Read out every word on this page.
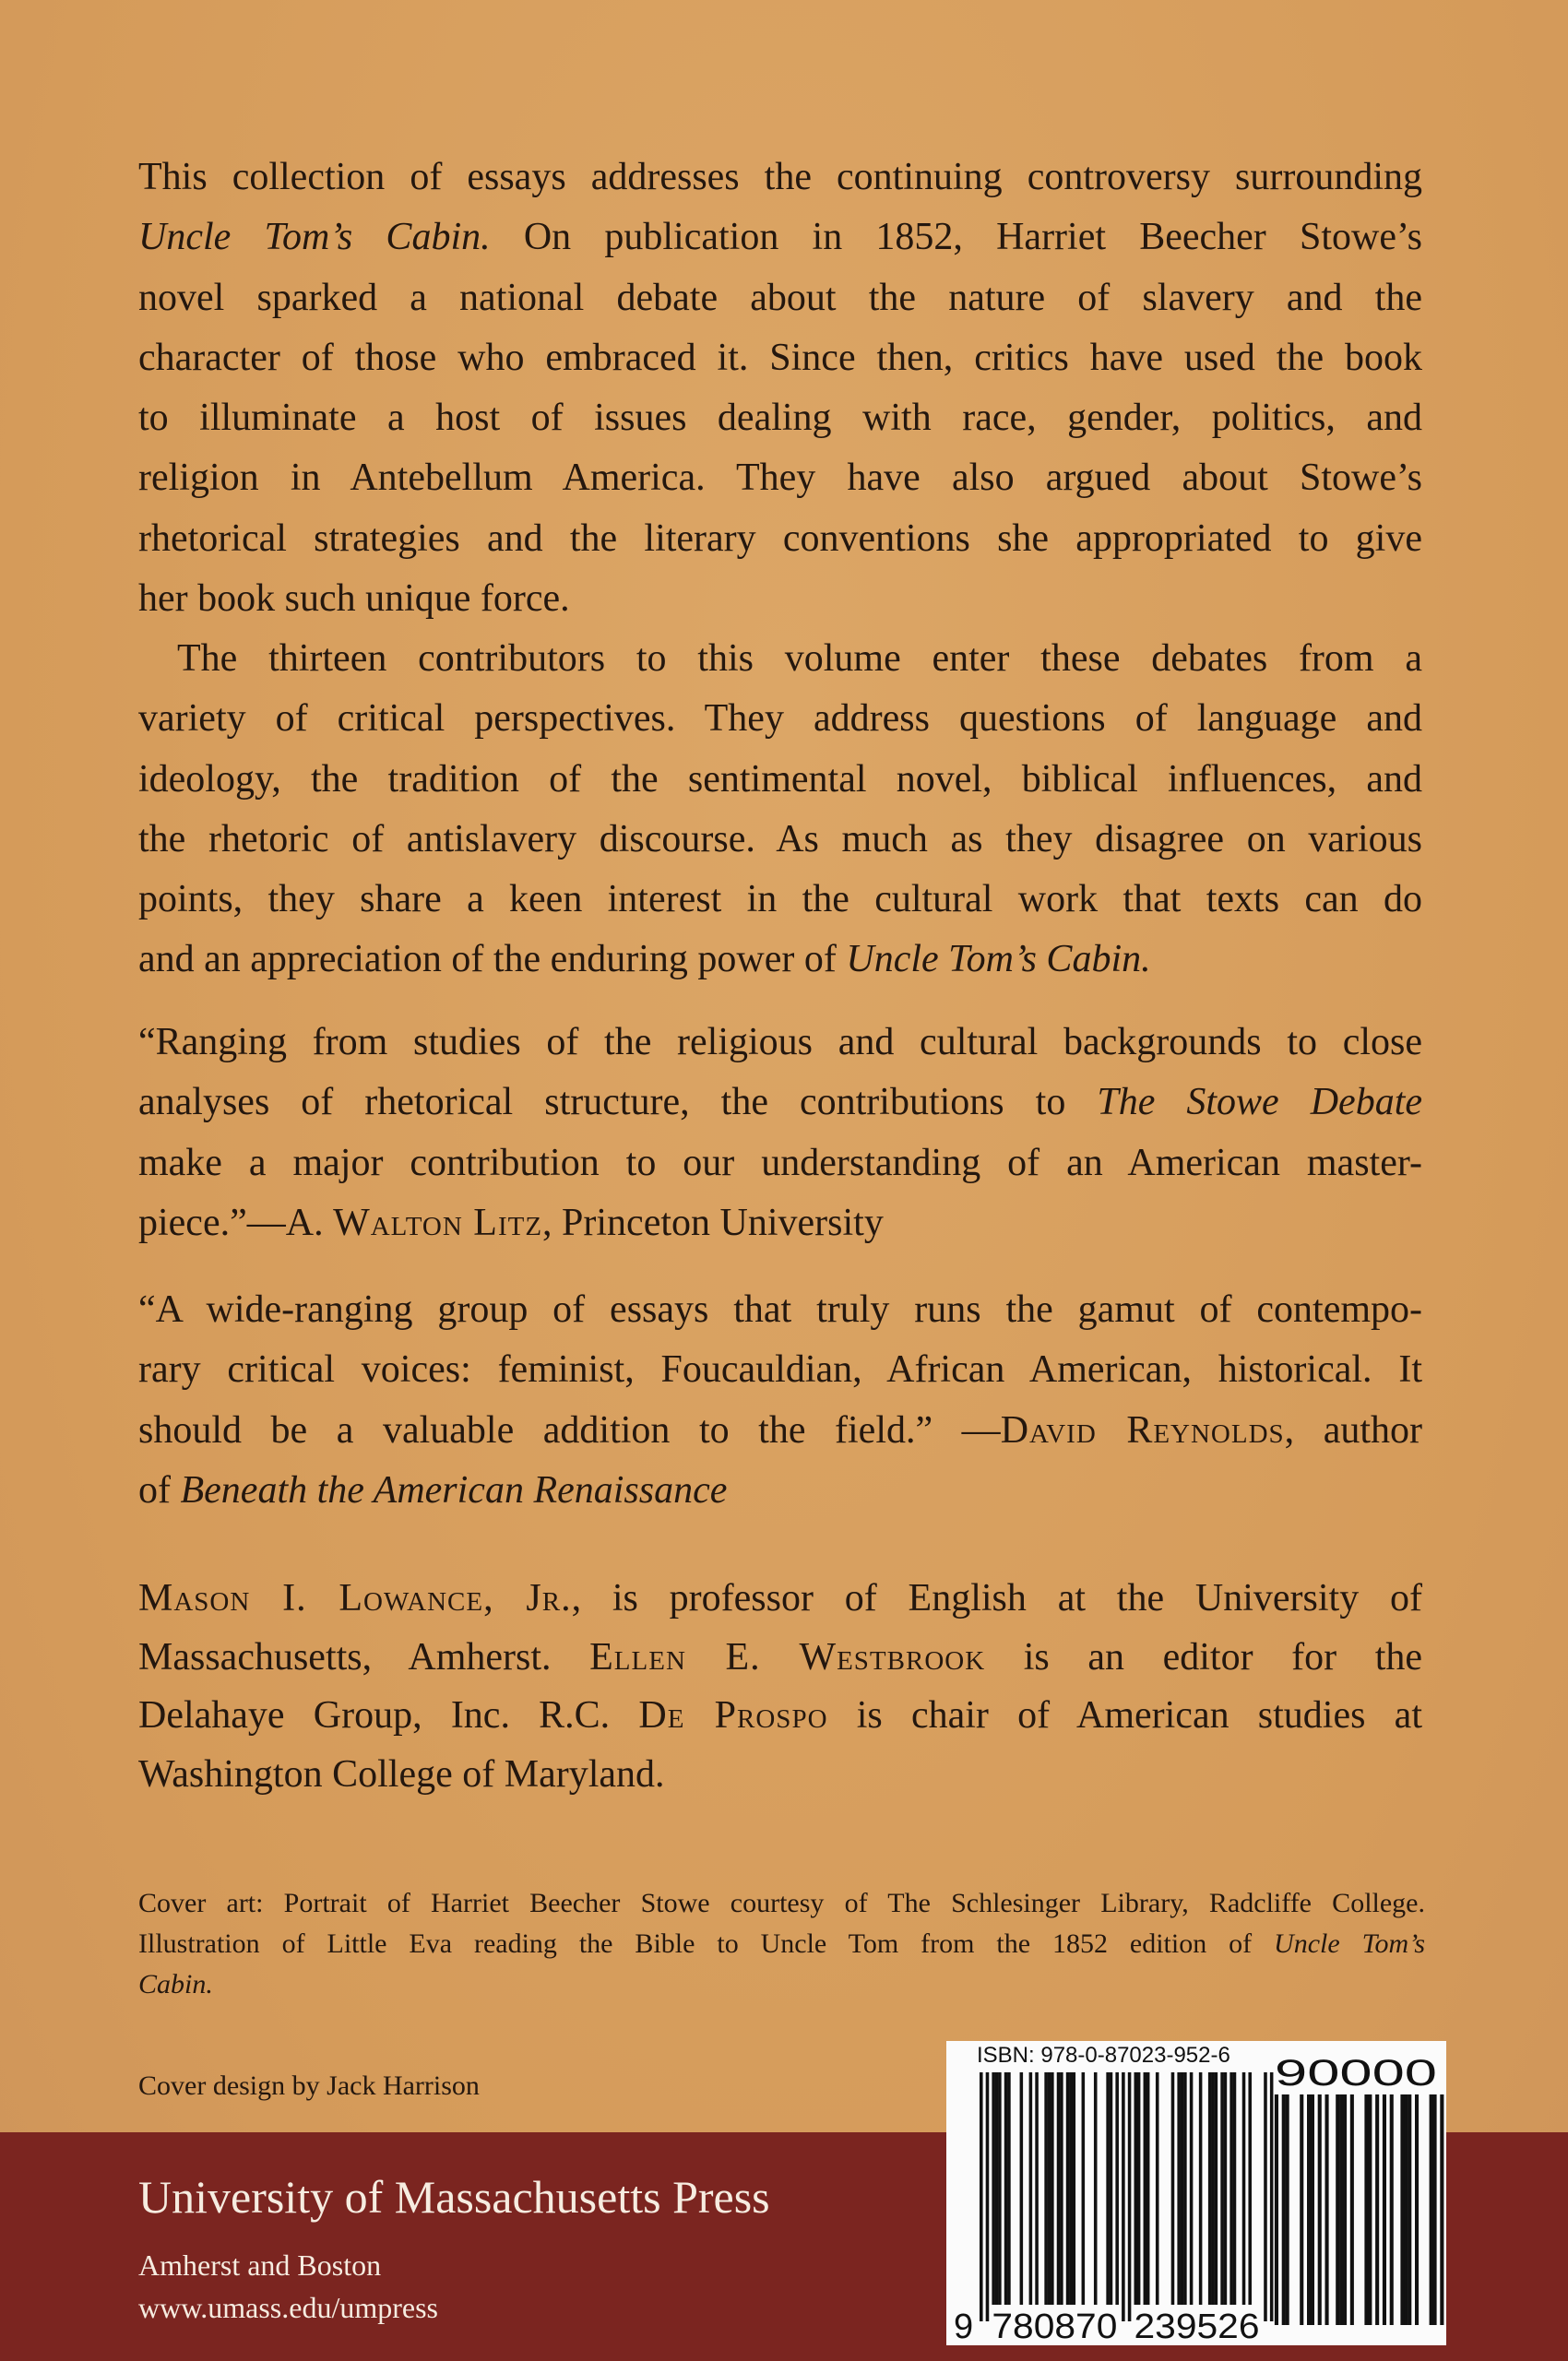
This collection of essays addresses the continuing controversy surrounding
Uncle Tom’s Cabin. On publication in 1852, Harriet Beecher Stowe’s
novel sparked a national debate about the nature of slavery and the
character of those who embraced it. Since then, critics have used the book
to illuminate a host of issues dealing with race, gender, politics, and
religion in Antebellum America. They have also argued about Stowe’s
rhetorical strategies and the literary conventions she appropriated to give
her book such unique force.
 The thirteen contributors to this volume enter these debates from a
variety of critical perspectives. They address questions of language and
ideology, the tradition of the sentimental novel, biblical influences, and
the rhetoric of antislavery discourse. As much as they disagree on various
points, they share a keen interest in the cultural work that texts can do
and an appreciation of the enduring power of Uncle Tom’s Cabin.
“Ranging from studies of the religious and cultural backgrounds to close
analyses of rhetorical structure, the contributions to The Stowe Debate
make a major contribution to our understanding of an American master-
piece.”—A. Walton Litz, Princeton University
“A wide-ranging group of essays that truly runs the gamut of contempo-
rary critical voices: feminist, Foucauldian, African American, historical. It
should be a valuable addition to the field.” —David Reynolds, author
of Beneath the American Renaissance
Mason I. Lowance, Jr., is professor of English at the University of
Massachusetts, Amherst. Ellen E. Westbrook is an editor for the
Delahaye Group, Inc. R.C. De Prospo is chair of American studies at
Washington College of Maryland.
Cover art: Portrait of Harriet Beecher Stowe courtesy of The Schlesinger Library, Radcliffe College.
Illustration of Little Eva reading the Bible to Uncle Tom from the 1852 edition of Uncle Tom’s
Cabin.
Cover design by Jack Harrison
University of Massachusetts Press
Amherst and Boston
www.umass.edu/umpress	9 780870 239526
90000
ISBN: 978-0-87023-952-6
